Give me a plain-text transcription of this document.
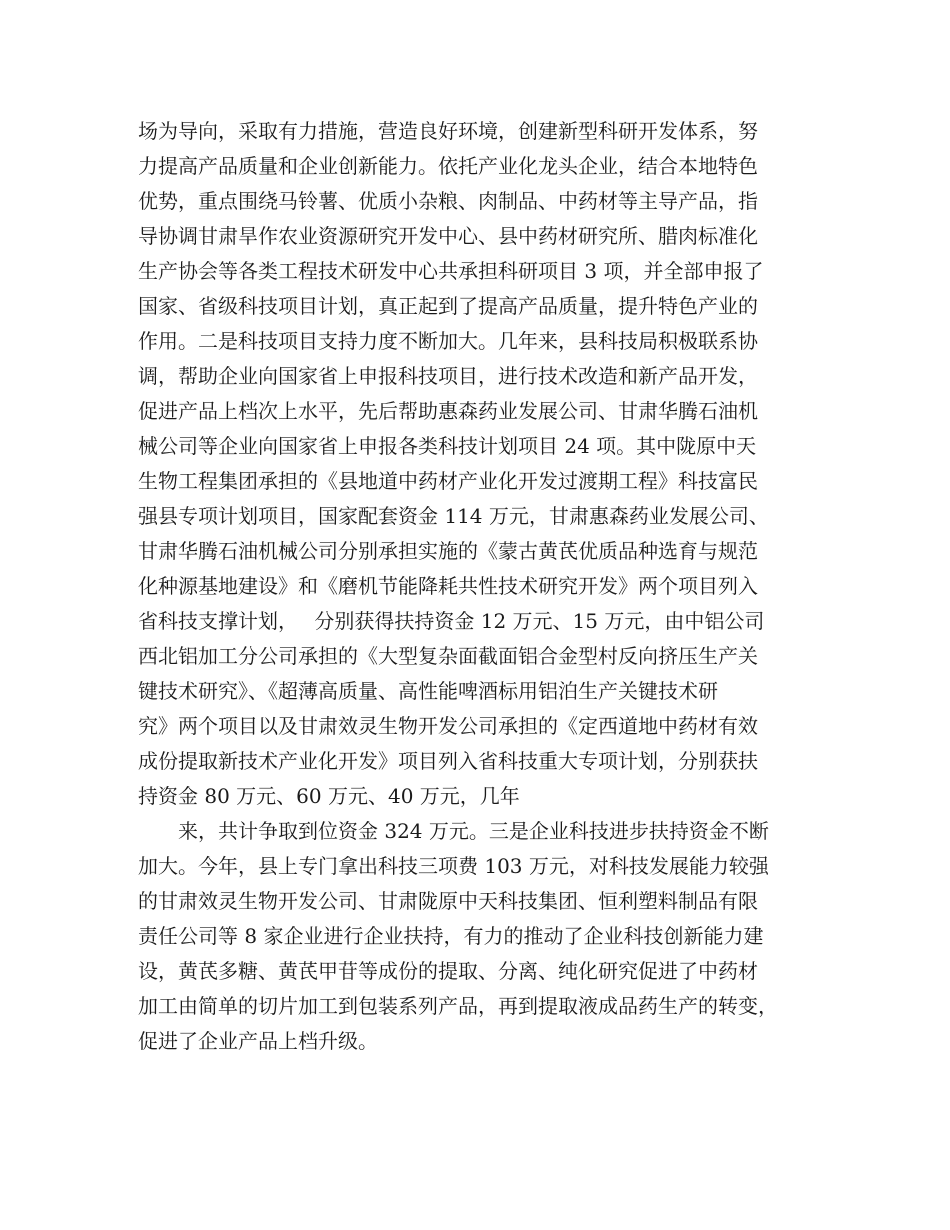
场为导向，采取有力措施，营造良好环境，创建新型科研开发体系，努
力提高产品质量和企业创新能力。依托产业化龙头企业，结合本地特色
优势，重点围绕马铃薯、优质小杂粮、肉制品、中药材等主导产品，指
导协调甘肃旱作农业资源研究开发中心、县中药材研究所、腊肉标准化
生产协会等各类工程技术研发中心共承担科研项目 3 项，并全部申报了
国家、省级科技项目计划，真正起到了提高产品质量，提升特色产业的
作用。二是科技项目支持力度不断加大。几年来，县科技局积极联系协
调，帮助企业向国家省上申报科技项目，进行技术改造和新产品开发，
促进产品上档次上水平，先后帮助惠森药业发展公司、甘肃华腾石油机
械公司等企业向国家省上申报各类科技计划项目 24 项。其中陇原中天
生物工程集团承担的《县地道中药材产业化开发过渡期工程》科技富民
强县专项计划项目，国家配套资金 114 万元，甘肃惠森药业发展公司、
甘肃华腾石油机械公司分别承担实施的《蒙古黄芪优质品种选育与规范
化种源基地建设》和《磨机节能降耗共性技术研究开发》两个项目列入
省科技支撑计划，　 分别获得扶持资金 12 万元、15 万元，由中铝公司
西北铝加工分公司承担的《大型复杂面截面铝合金型村反向挤压生产关
键技术研究》、《超薄高质量、高性能啤酒标用铝泊生产关键技术研
究》两个项目以及甘肃效灵生物开发公司承担的《定西道地中药材有效
成份提取新技术产业化开发》项目列入省科技重大专项计划，分别获扶
持资金 80 万元、60 万元、40 万元，几年
来，共计争取到位资金 324 万元。三是企业科技进步扶持资金不断
加大。今年，县上专门拿出科技三项费 103 万元，对科技发展能力较强
的甘肃效灵生物开发公司、甘肃陇原中天科技集团、恒利塑料制品有限
责任公司等 8 家企业进行企业扶持，有力的推动了企业科技创新能力建
设，黄芪多糖、黄芪甲苷等成份的提取、分离、纯化研究促进了中药材
加工由简单的切片加工到包装系列产品，再到提取液成品药生产的转变，
促进了企业产品上档升级。
